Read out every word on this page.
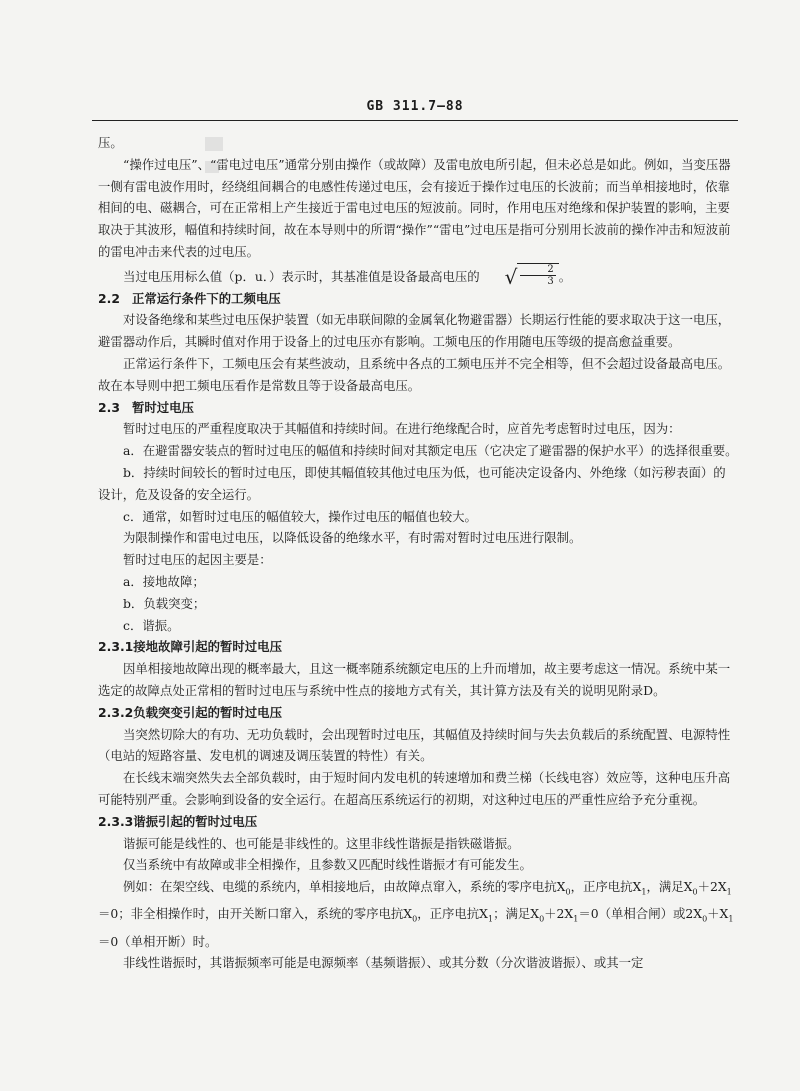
GB 311.7—88

压。

“操作过电压”、“雷电过电压”通常分别由操作（或故障）及雷电放电所引起，但未必总是如此。例如，当变压器一侧有雷电波作用时，经绕组间耦合的电感性传递过电压，会有接近于操作过电压的长波前；而当单相接地时，依靠相间的电、磁耦合，可在正常相上产生接近于雷电过电压的短波前。同时，作用电压对绝缘和保护装置的影响，主要取决于其波形，幅值和持续时间，故在本导则中的所谓“操作”“雷电”过电压是指可分别用长波前的操作冲击和短波前的雷电冲击来代表的过电压。

当过电压用标么值（p．u．）表示时，其基准值是设备最高电压的	√ $\frac{2}{3}$ 。

2.2 正常运行条件下的工频电压

对设备绝缘和某些过电压保护装置（如无串联间隙的金属氧化物避雷器）长期运行性能的要求取决于这一电压，避雷器动作后，其瞬时值对作用于设备上的过电压亦有影响。工频电压的作用随电压等级的提高愈益重要。

正常运行条件下，工频电压会有某些波动，且系统中各点的工频电压并不完全相等，但不会超过设备最高电压。故在本导则中把工频电压看作是常数且等于设备最高电压。

2.3 暂时过电压

暂时过电压的严重程度取决于其幅值和持续时间。在进行绝缘配合时，应首先考虑暂时过电压，因为：

a．在避雷器安装点的暂时过电压的幅值和持续时间对其额定电压（它决定了避雷器的保护水平）的选择很重要。

b．持续时间较长的暂时过电压，即使其幅值较其他过电压为低，也可能决定设备内、外绝缘（如污秽表面）的设计，危及设备的安全运行。

c．通常，如暂时过电压的幅值较大，操作过电压的幅值也较大。

为限制操作和雷电过电压，以降低设备的绝缘水平，有时需对暂时过电压进行限制。

暂时过电压的起因主要是：

a．接地故障；

b．负载突变；

c．谐振。

2.3.1接地故障引起的暂时过电压

因单相接地故障出现的概率最大，且这一概率随系统额定电压的上升而增加，故主要考虑这一情况。系统中某一选定的故障点处正常相的暂时过电压与系统中性点的接地方式有关，其计算方法及有关的说明见附录D。

2.3.2负载突变引起的暂时过电压

当突然切除大的有功、无功负载时，会出现暂时过电压，其幅值及持续时间与失去负载后的系统配置、电源特性（电站的短路容量、发电机的调速及调压装置的特性）有关。

在长线末端突然失去全部负载时，由于短时间内发电机的转速增加和费兰梯（长线电容）效应等，这种电压升高可能特别严重。会影响到设备的安全运行。在超高压系统运行的初期，对这种过电压的严重性应给予充分重视。

2.3.3谐振引起的暂时过电压

谐振可能是线性的、也可能是非线性的。这里非线性谐振是指铁磁谐振。

仅当系统中有故障或非全相操作，且参数又匹配时线性谐振才有可能发生。

例如：在架空线、电缆的系统内，单相接地后，由故障点窜入，系统的零序电抗$X_0$，正序电抗$X_1$，满足$X_0+2X_1=0$；非全相操作时，由开关断口窜入，系统的零序电抗$X_0$，正序电抗$X_1$；满足$X_0+2X_1=0$（单相合闸）或$2X_0+X_1=0$（单相开断）时。

非线性谐振时，其谐振频率可能是电源频率（基频谐振）、或其分数（分次谐波谐振）、或其一定
